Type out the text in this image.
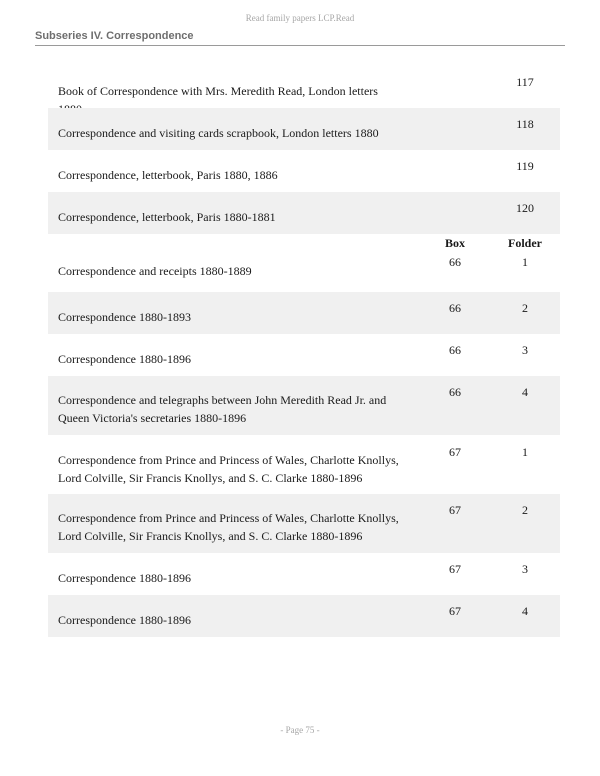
Read family papers LCP.Read
Subseries IV. Correspondence
Book of Correspondence with Mrs. Meredith Read, London letters
117
Correspondence and visiting cards scrapbook, London letters 1880
118
Correspondence, letterbook, Paris 1880, 1886
119
Correspondence, letterbook, Paris 1880-1881
120
Box	Folder
Correspondence and receipts 1880-1889
66	1
Correspondence 1880-1893
66	2
Correspondence 1880-1896
66	3
Correspondence and telegraphs between John Meredith Read Jr. and Queen Victoria's secretaries 1880-1896
66	4
Correspondence from Prince and Princess of Wales, Charlotte Knollys, Lord Colville, Sir Francis Knollys, and S. C. Clarke 1880-1896
67	1
Correspondence from Prince and Princess of Wales, Charlotte Knollys, Lord Colville, Sir Francis Knollys, and S. C. Clarke 1880-1896
67	2
Correspondence 1880-1896
67	3
Correspondence 1880-1896
67	4
- Page 75 -
